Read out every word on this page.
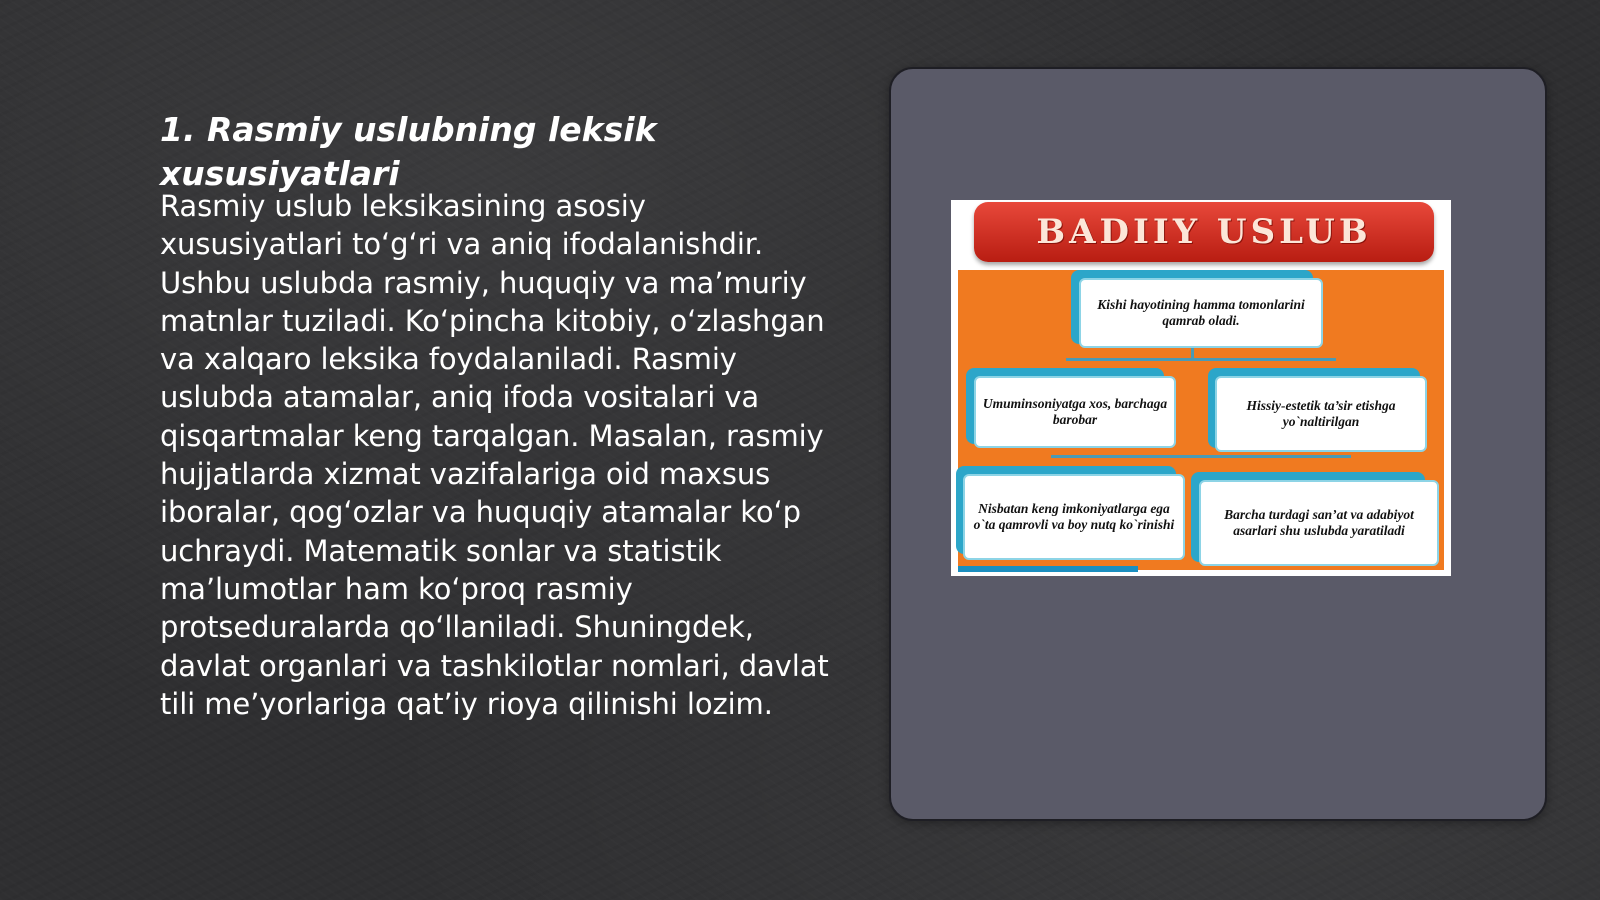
1. Rasmiy uslubning leksik xususiyatlari
Rasmiy uslub leksikasining asosiy xususiyatlari to‘g‘ri va aniq ifodalanishdir. Ushbu uslubda rasmiy, huquqiy va ma’muriy matnlar tuziladi. Ko‘pincha kitobiy, o‘zlashgan va xalqaro leksika foydalaniladi. Rasmiy uslubda atamalar, aniq ifoda vositalari va qisqartmalar keng tarqalgan. Masalan, rasmiy hujjatlarda xizmat vazifalariga oid maxsus iboralar, qog‘ozlar va huquqiy atamalar ko‘p uchraydi. Matematik sonlar va statistik ma’lumotlar ham ko‘proq rasmiy protseduralarda qo‘llaniladi. Shuningdek, davlat organlari va tashkilotlar nomlari, davlat tili me’yorlariga qat’iy rioya qilinishi lozim.
BADIIY USLUB
Kishi hayotining hamma tomonlarini qamrab oladi.
Umuminsoniyatga xos, barchaga barobar
Hissiy-estetik ta’sir etishga yo`naltirilgan
Nisbatan keng imkoniyatlarga ega o`ta qamrovli va boy nutq ko`rinishi
Barcha turdagi san’at va adabiyot asarlari shu uslubda yaratiladi
